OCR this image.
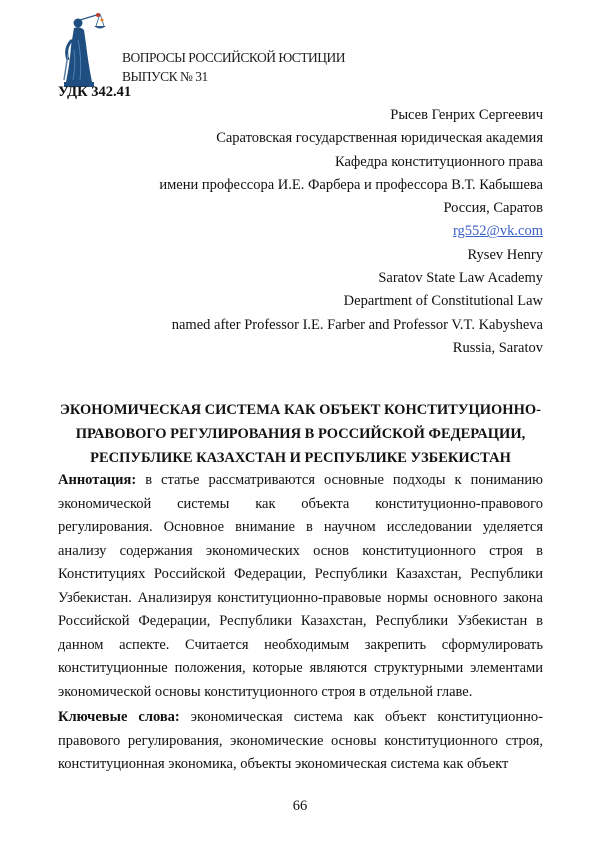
ВОПРОСЫ РОССИЙСКОЙ ЮСТИЦИИ
ВЫПУСК № 31
УДК 342.41
Рысев Генрих Сергеевич
Саратовская государственная юридическая академия
Кафедра конституционного права
имени профессора И.Е. Фарбера и профессора В.Т. Кабышева
Россия, Саратов
rg552@vk.com
Rysev Henry
Saratov State Law Academy
Department of Constitutional Law
named after Professor I.E. Farber and Professor V.T. Kabysheva
Russia, Saratov
ЭКОНОМИЧЕСКАЯ СИСТЕМА КАК ОБЪЕКТ КОНСТИТУЦИОННО-
ПРАВОВОГО РЕГУЛИРОВАНИЯ В РОССИЙСКОЙ ФЕДЕРАЦИИ,
РЕСПУБЛИКЕ КАЗАХСТАН И РЕСПУБЛИКЕ УЗБЕКИСТАН

Аннотация: в статье рассматриваются основные подходы к пониманию экономической системы как объекта конституционно-правового регулирования. Основное внимание в научном исследовании уделяется анализу содержания экономических основ конституционного строя в Конституциях Российской Федерации, Республики Казахстан, Республики Узбекистан. Анализируя конституционно-правовые нормы основного закона Российской Федерации, Республики Казахстан, Республики Узбекистан в данном аспекте. Считается необходимым закрепить сформулировать конституционные положения, которые являются структурными элементами экономической основы конституционного строя в отдельной главе.

Ключевые слова: экономическая система как объект конституционно-правового регулирования, экономические основы конституционного строя, конституционная экономика, объекты экономическая система как объект

66
